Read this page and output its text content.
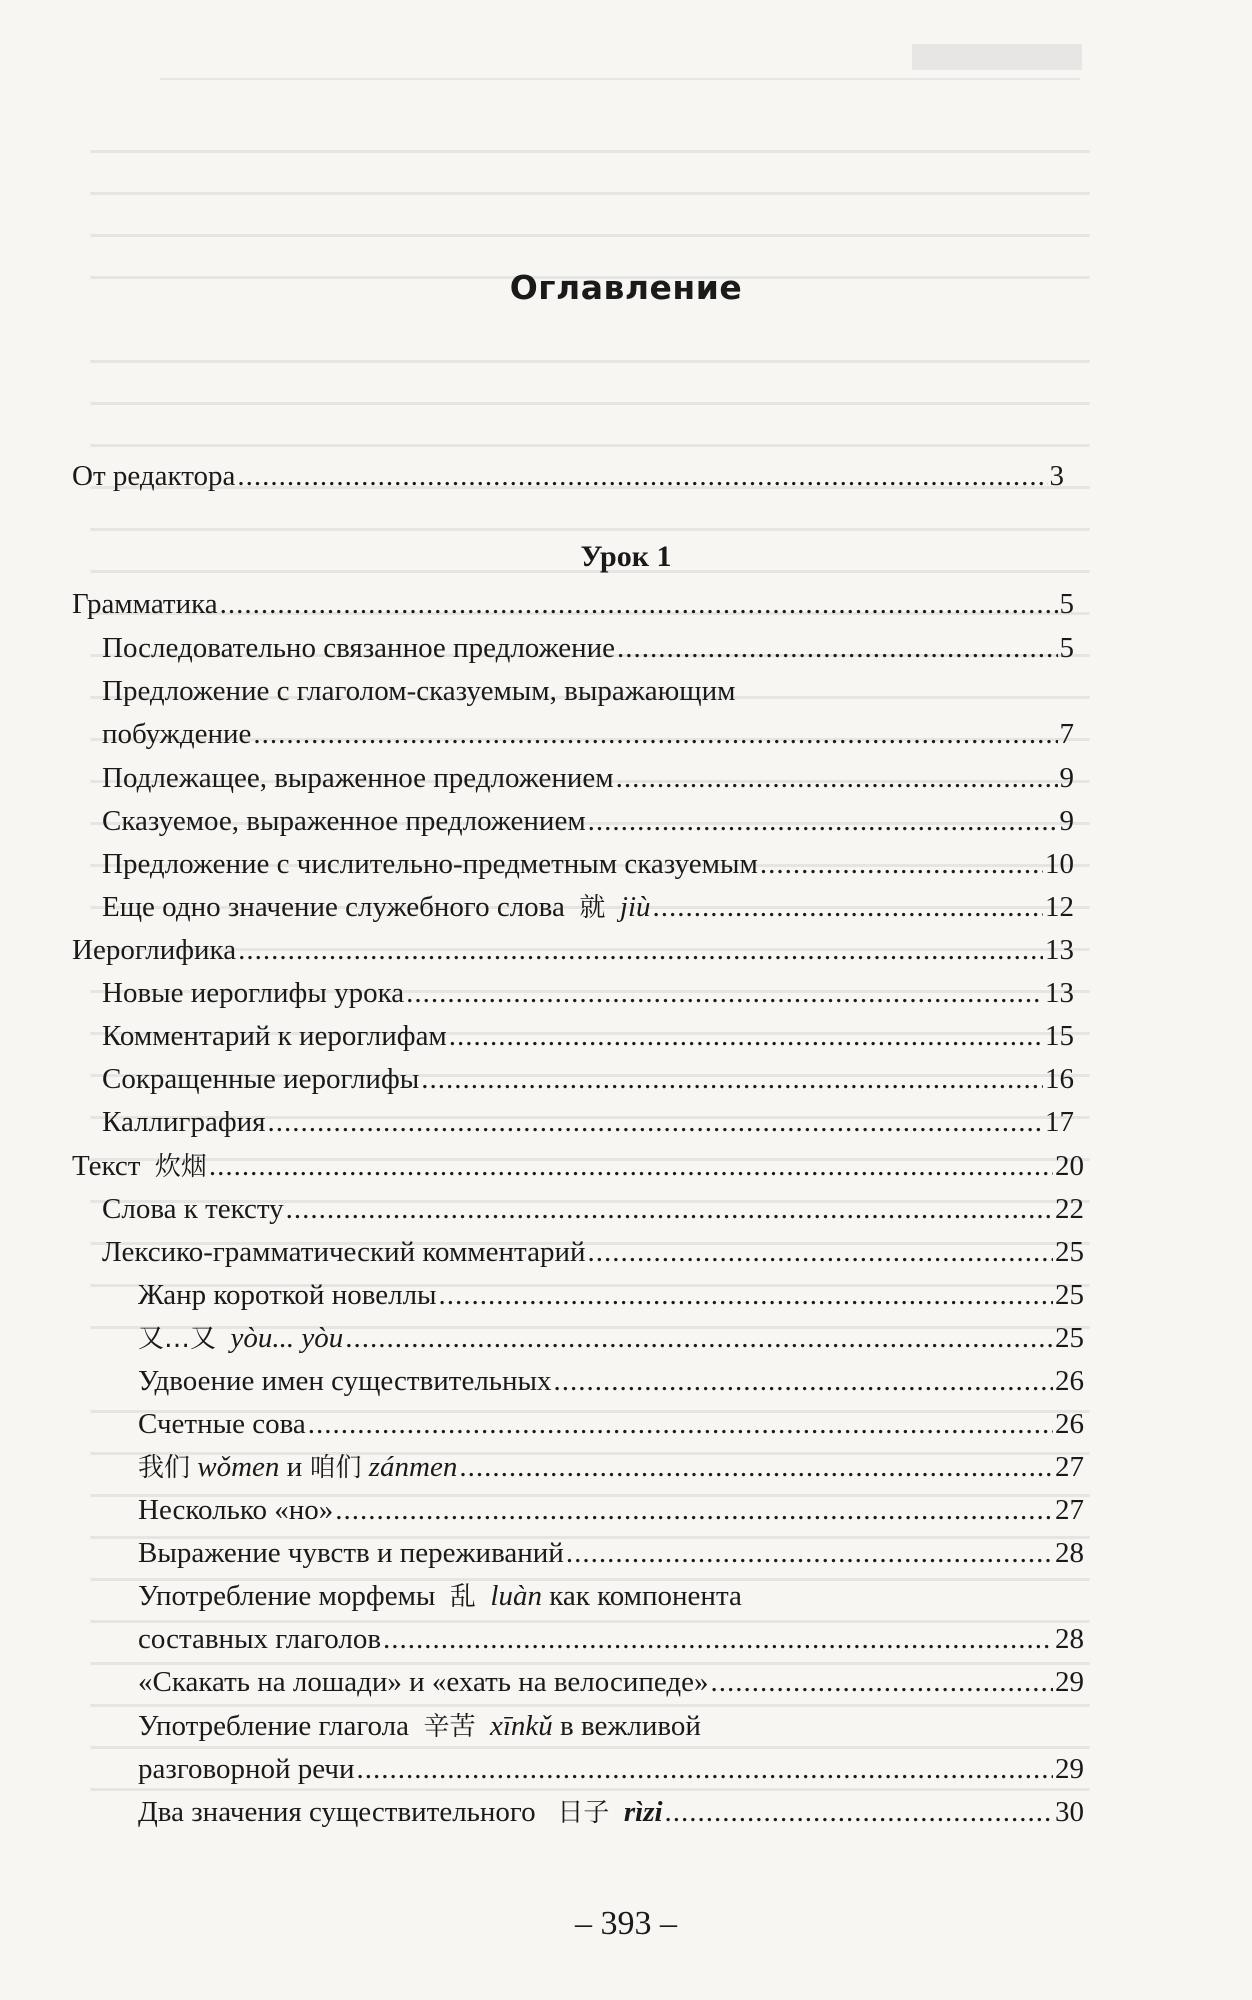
Оглавление
От редактора .....	3
Урок 1
Грамматика .....	5
Последовательно связанное предложение .....	5
Предложение с глаголом-сказуемым, выражающим
побуждение .....	7
Подлежащее, выраженное предложением .....	9
Сказуемое, выраженное предложением .....	9
Предложение с числительно-предметным сказуемым .....	10
Еще одно значение служебного слова 就 jiù .....	12
Иероглифика .....	13
Новые иероглифы урока .....	13
Комментарий к иероглифам .....	15
Сокращенные иероглифы .....	16
Каллиграфия .....	17
Текст 炊烟 .....	20
Слова к тексту .....	22
Лексико-грамматический комментарий .....	25
Жанр короткой новеллы .....	25
又…又 yòu... yòu .....	25
Удвоение имен существительных .....	26
Счетные сова .....	26
我们 wǒmen и 咱们 zánmen .....	27
Несколько «но» .....	27
Выражение чувств и переживаний .....	28
Употребление морфемы 乱 luàn как компонента
составных глаголов .....	28
«Скакать на лошади» и «ехать на велосипеде» .....	29
Употребление глагола 辛苦 xīnkǔ в вежливой
разговорной речи .....	29
Два значения существительного 日子 rìzi .....	30
– 393 –
